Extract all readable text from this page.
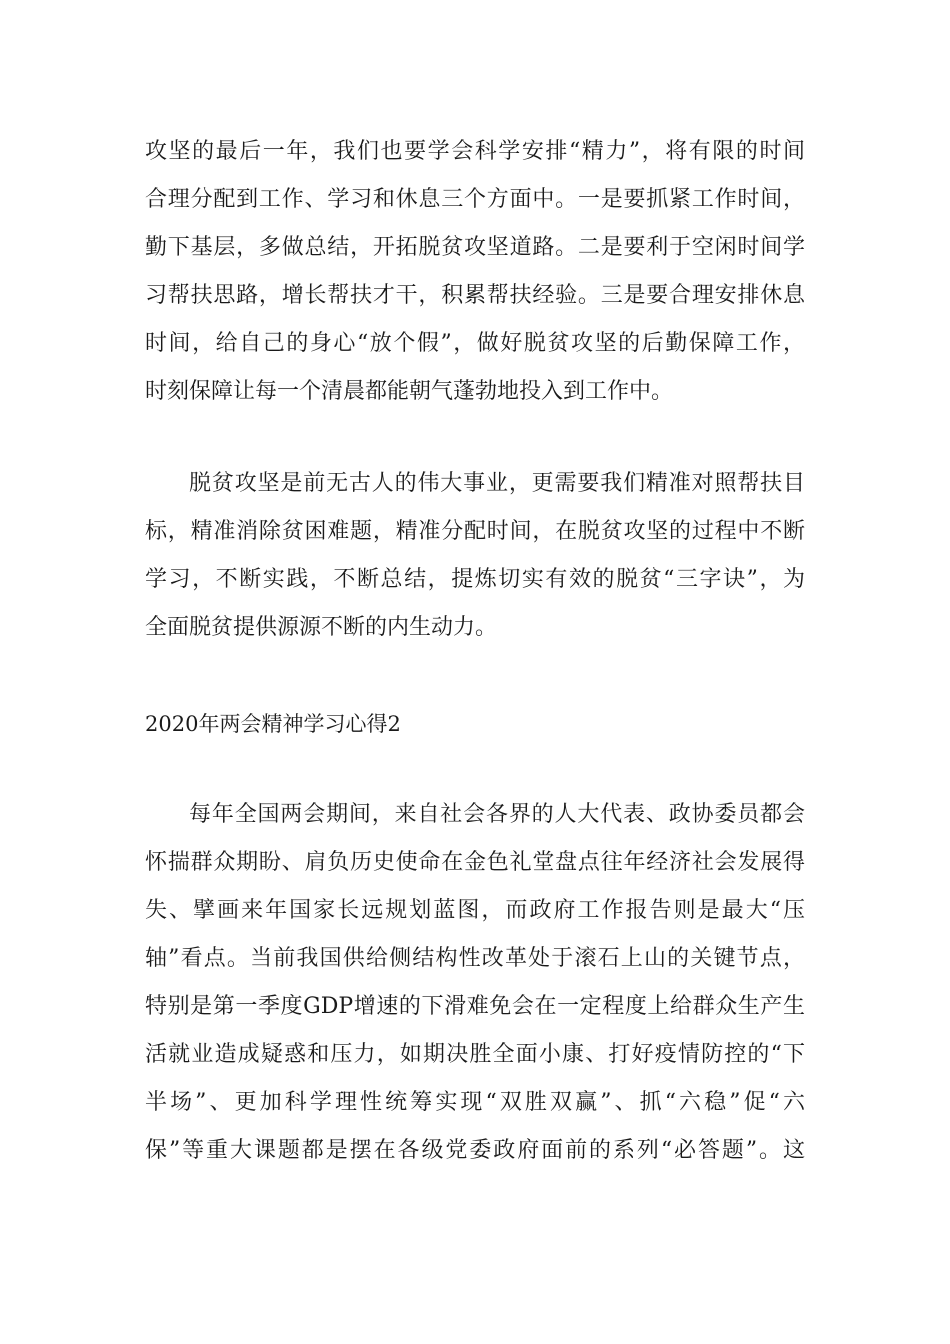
攻坚的最后一年，我们也要学会科学安排“精力”，将有限的时间
合理分配到工作、学习和休息三个方面中。一是要抓紧工作时间，
勤下基层，多做总结，开拓脱贫攻坚道路。二是要利于空闲时间学
习帮扶思路，增长帮扶才干，积累帮扶经验。三是要合理安排休息
时间，给自己的身心“放个假”，做好脱贫攻坚的后勤保障工作，
时刻保障让每一个清晨都能朝气蓬勃地投入到工作中。
脱贫攻坚是前无古人的伟大事业，更需要我们精准对照帮扶目
标，精准消除贫困难题，精准分配时间，在脱贫攻坚的过程中不断
学习，不断实践，不断总结，提炼切实有效的脱贫“三字诀”，为
全面脱贫提供源源不断的内生动力。
2020年两会精神学习心得2
每年全国两会期间，来自社会各界的人大代表、政协委员都会
怀揣群众期盼、肩负历史使命在金色礼堂盘点往年经济社会发展得
失、擘画来年国家长远规划蓝图，而政府工作报告则是最大“压
轴”看点。当前我国供给侧结构性改革处于滚石上山的关键节点，
特别是第一季度GDP增速的下滑难免会在一定程度上给群众生产生
活就业造成疑惑和压力，如期决胜全面小康、打好疫情防控的“下
半场”、更加科学理性统筹实现“双胜双赢”、抓“六稳”促“六
保”等重大课题都是摆在各级党委政府面前的系列“必答题”。这
